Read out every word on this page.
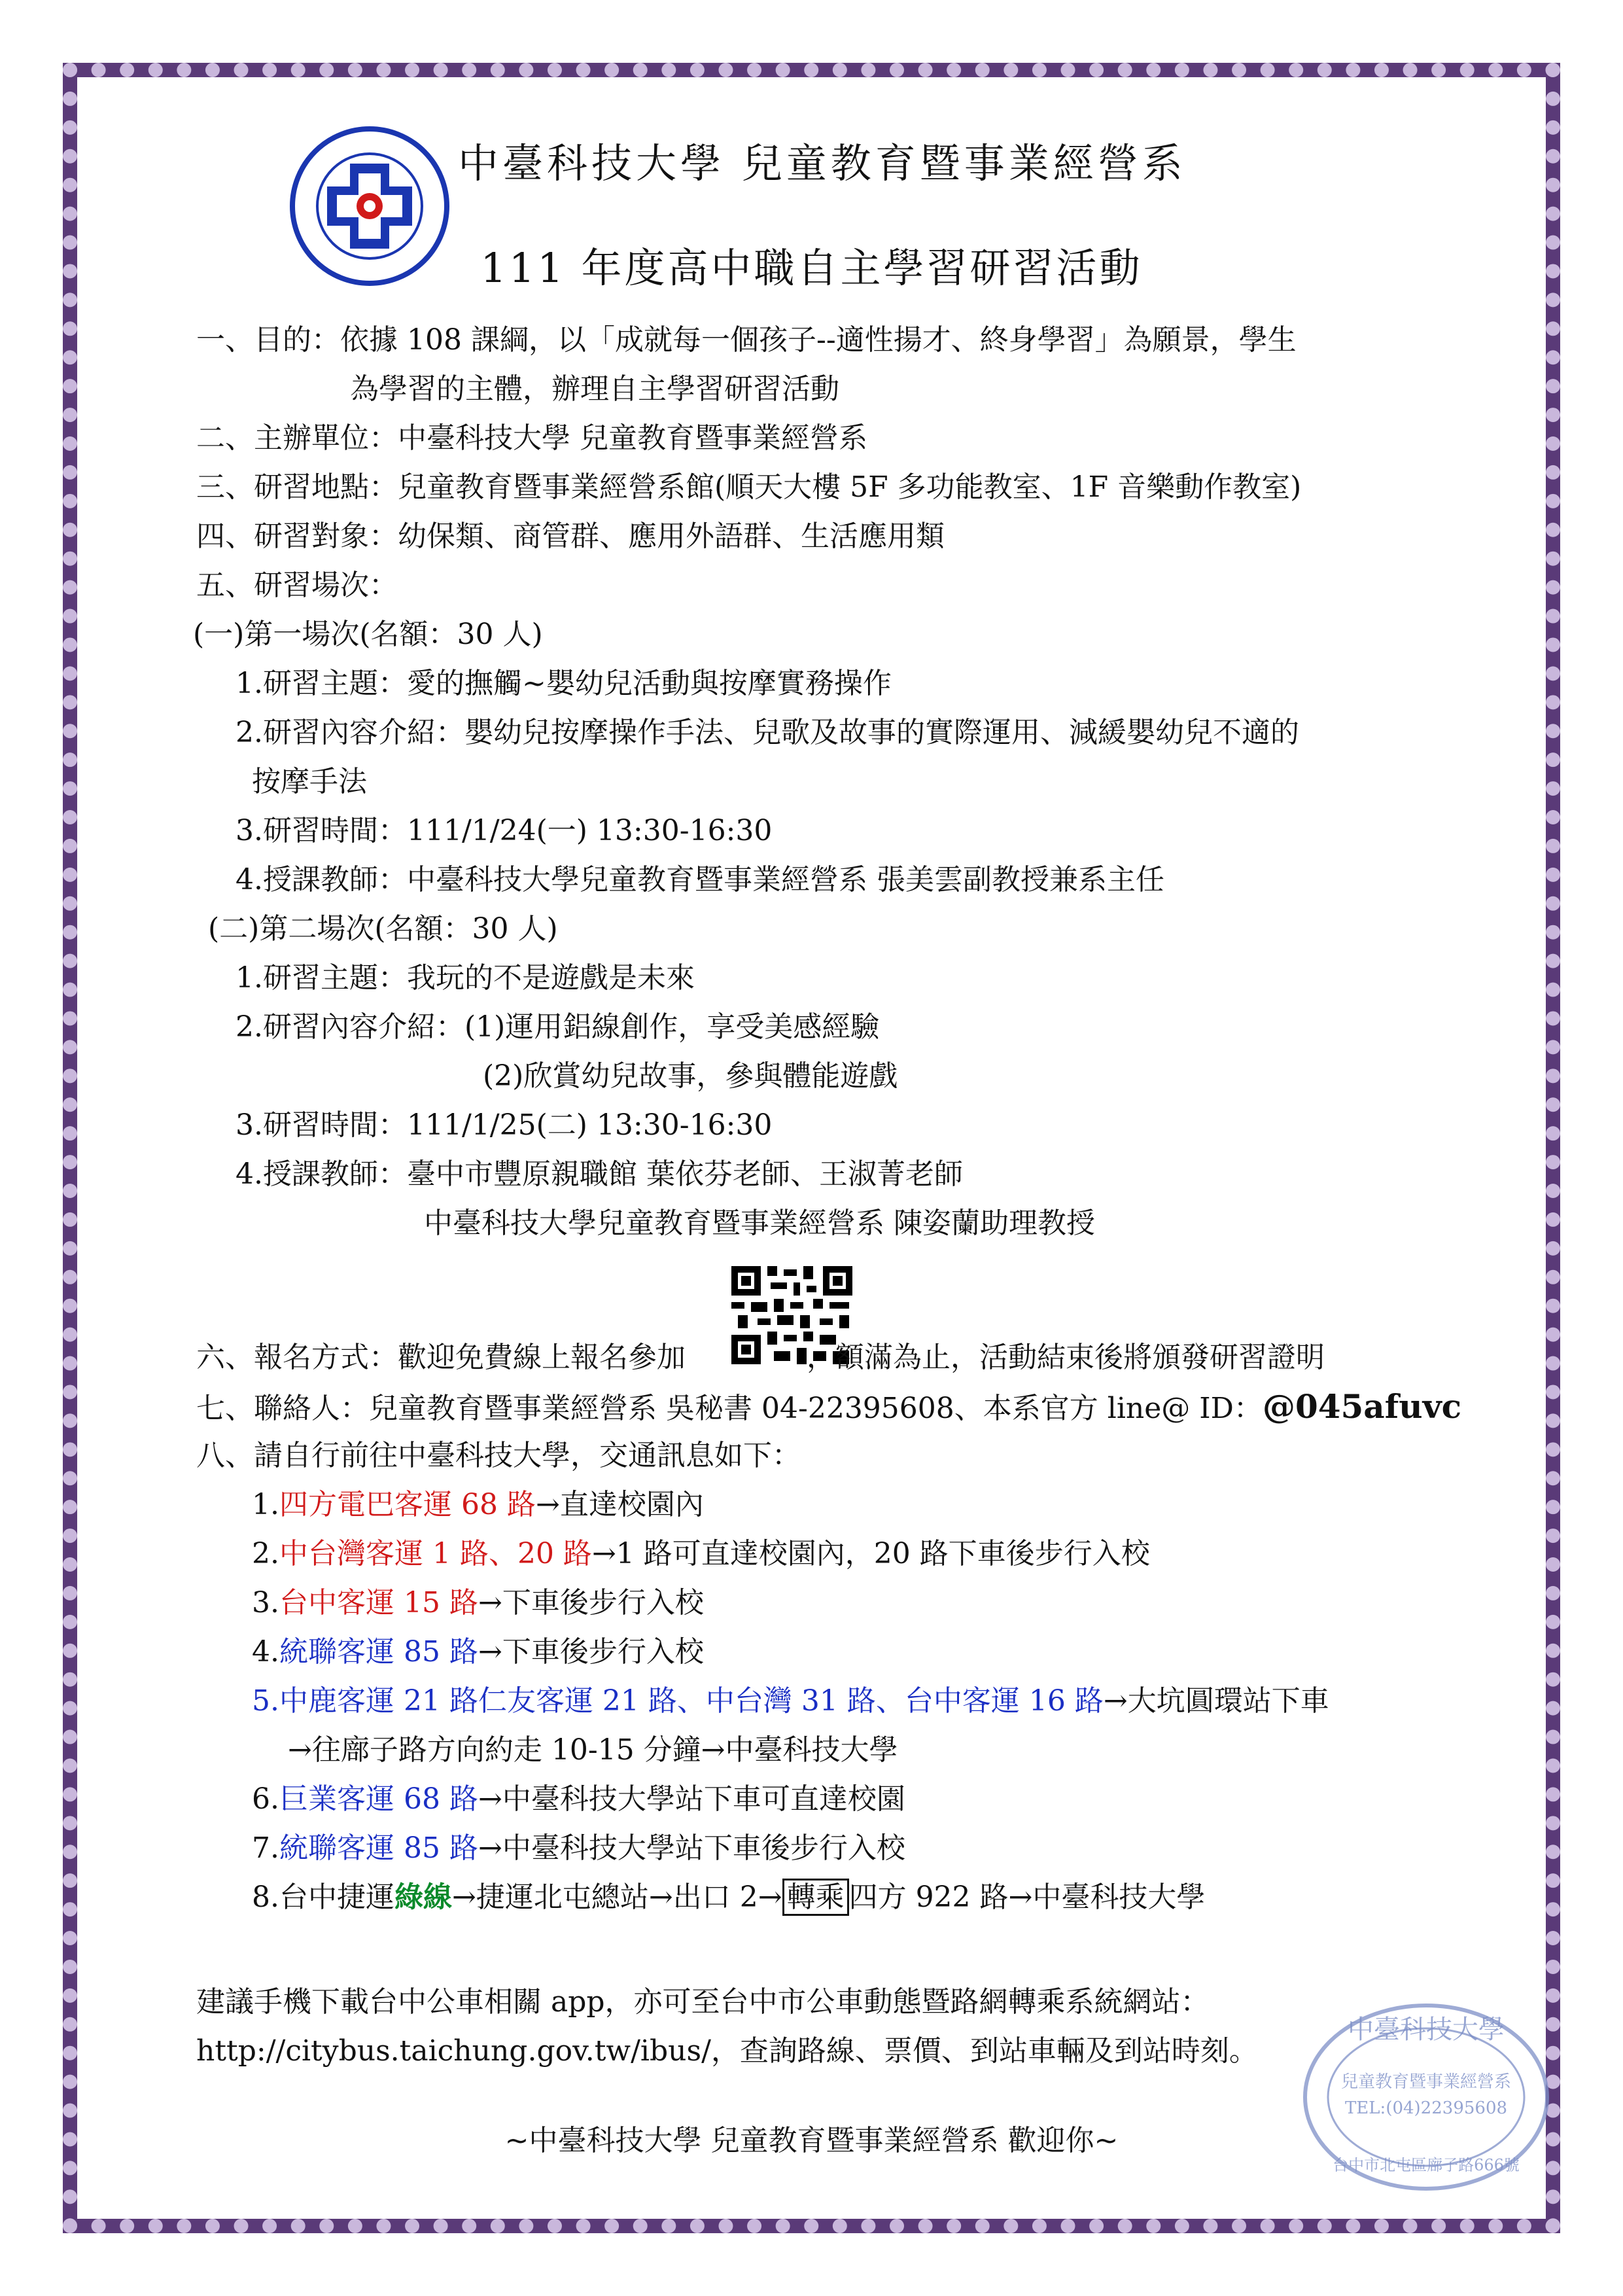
中臺科技大學 兒童教育暨事業經營系
111 年度高中職自主學習研習活動
一、目的：依據 108 課綱，以「成就每一個孩子--適性揚才、終身學習」為願景，學生
為學習的主體，辦理自主學習研習活動
二、主辦單位：中臺科技大學 兒童教育暨事業經營系
三、研習地點：兒童教育暨事業經營系館(順天大樓 5F 多功能教室、1F 音樂動作教室)
四、研習對象：幼保類、商管群、應用外語群、生活應用類
五、研習場次：
(一)第一場次(名額：30 人)
1.研習主題：愛的撫觸~嬰幼兒活動與按摩實務操作
2.研習內容介紹：嬰幼兒按摩操作手法、兒歌及故事的實際運用、減緩嬰幼兒不適的
按摩手法
3.研習時間：111/1/24(一) 13:30-16:30
4.授課教師：中臺科技大學兒童教育暨事業經營系 張美雲副教授兼系主任
(二)第二場次(名額：30 人)
1.研習主題：我玩的不是遊戲是未來
2.研習內容介紹：(1)運用鋁線創作，享受美感經驗
(2)欣賞幼兒故事，參與體能遊戲
3.研習時間：111/1/25(二) 13:30-16:30
4.授課教師：臺中市豐原親職館 葉依芬老師、王淑菁老師
中臺科技大學兒童教育暨事業經營系 陳姿蘭助理教授
六、報名方式：歡迎免費線上報名參加	，額滿為止，活動結束後將頒發研習證明
七、聯絡人：兒童教育暨事業經營系 吳秘書 04-22395608、本系官方 line@ ID：@045afuvc
八、請自行前往中臺科技大學，交通訊息如下：
1.四方電巴客運 68 路→直達校園內
2.中台灣客運 1 路、20 路→1 路可直達校園內，20 路下車後步行入校
3.台中客運 15 路→下車後步行入校
4.統聯客運 85 路→下車後步行入校
5.中鹿客運 21 路仁友客運 21 路、中台灣 31 路、台中客運 16 路→大坑圓環站下車
→往廍子路方向約走 10-15 分鐘→中臺科技大學
6.巨業客運 68 路→中臺科技大學站下車可直達校園
7.統聯客運 85 路→中臺科技大學站下車後步行入校
8.台中捷運綠線→捷運北屯總站→出口 2→ 轉乘 四方 922 路→中臺科技大學
建議手機下載台中公車相關 app，亦可至台中市公車動態暨路網轉乘系統網站：
http://citybus.taichung.gov.tw/ibus/，查詢路線、票價、到站車輛及到站時刻。
~中臺科技大學 兒童教育暨事業經營系 歡迎你~
中臺科技大學
兒童教育暨事業經營系
TEL:(04)22395608
台中市北屯區廍子路666號
